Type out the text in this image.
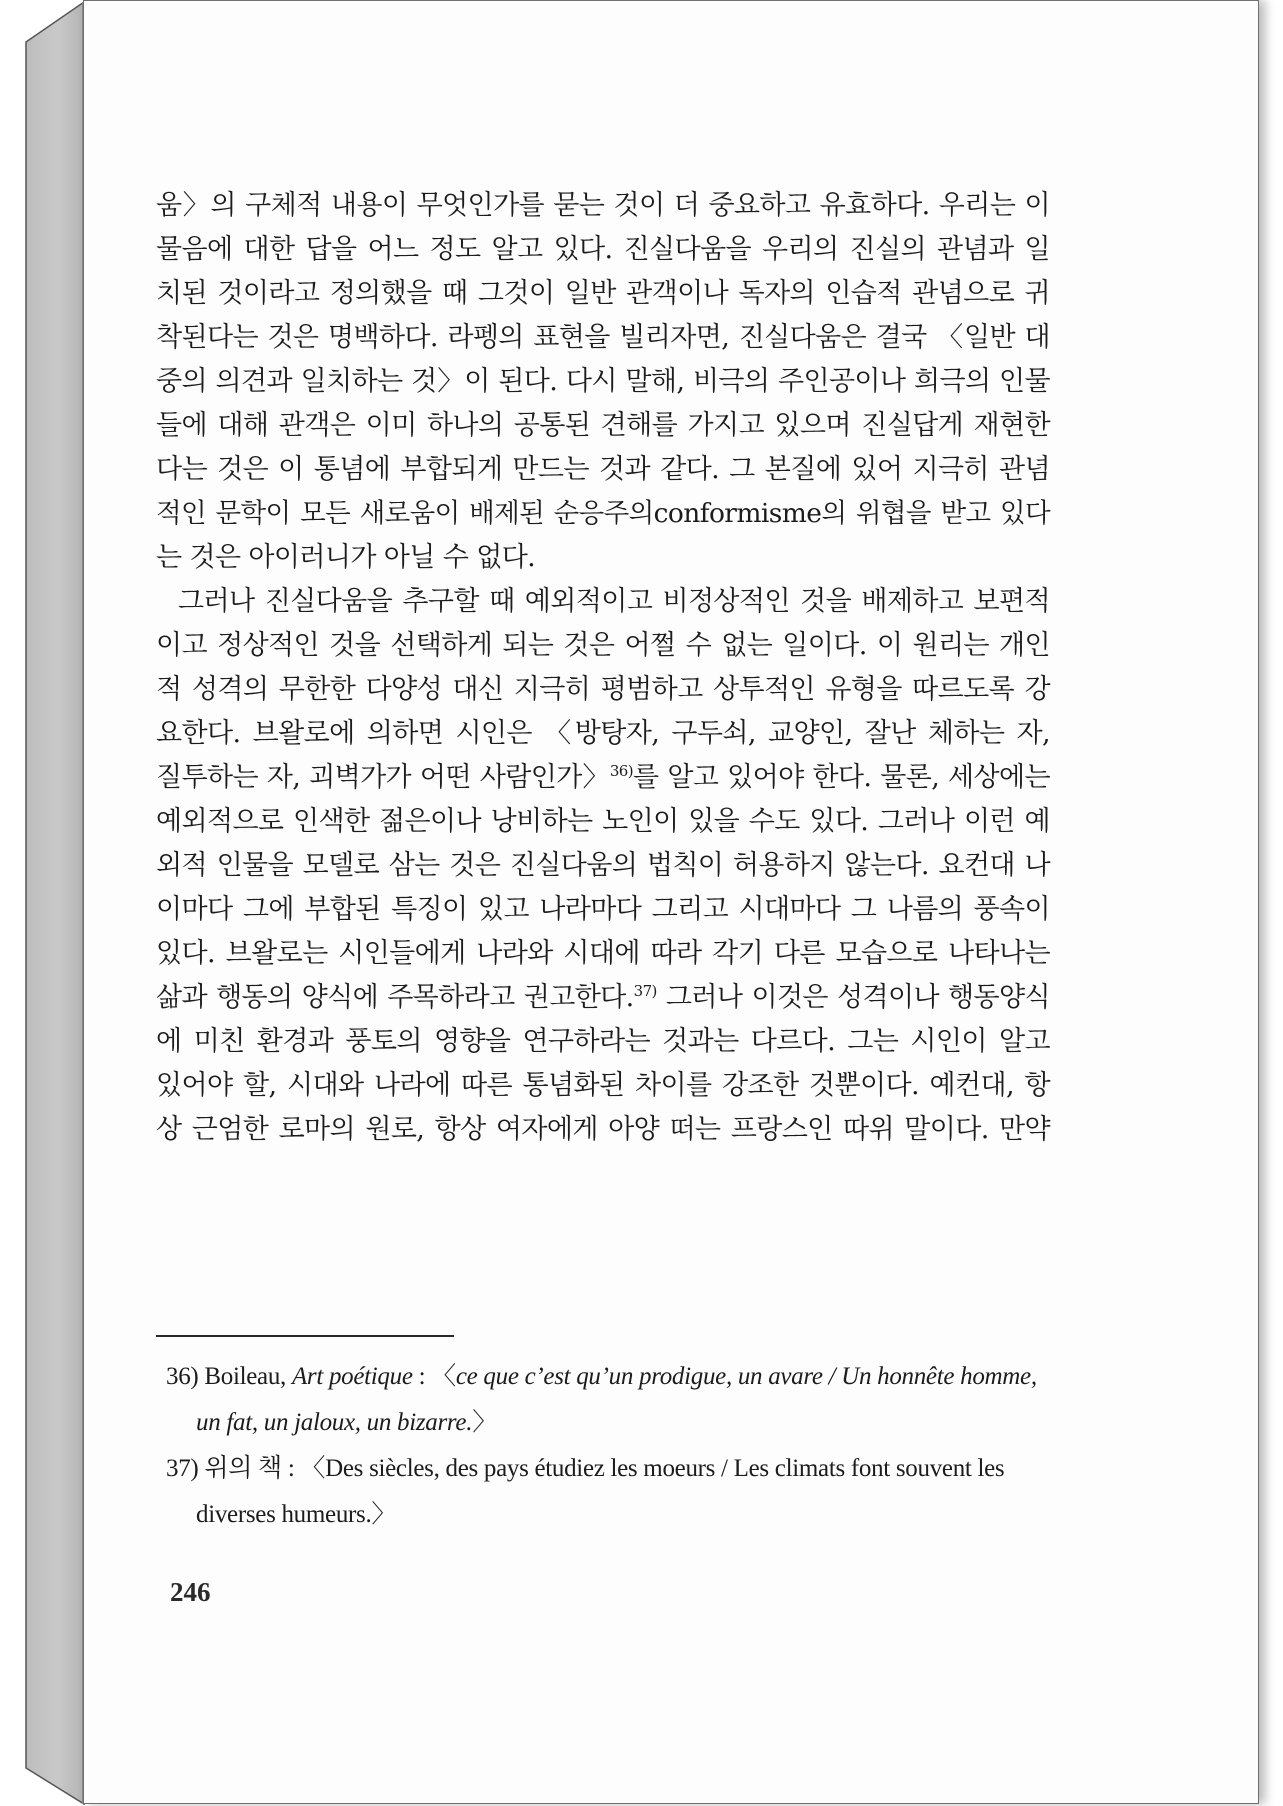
움〉의 구체적 내용이 무엇인가를 묻는 것이 더 중요하고 유효하다. 우리는 이
물음에 대한 답을 어느 정도 알고 있다. 진실다움을 우리의 진실의 관념과 일
치된 것이라고 정의했을 때 그것이 일반 관객이나 독자의 인습적 관념으로 귀
착된다는 것은 명백하다. 라펭의 표현을 빌리자면, 진실다움은 결국 〈일반 대
중의 의견과 일치하는 것〉이 된다. 다시 말해, 비극의 주인공이나 희극의 인물
들에 대해 관객은 이미 하나의 공통된 견해를 가지고 있으며 진실답게 재현한
다는 것은 이 통념에 부합되게 만드는 것과 같다. 그 본질에 있어 지극히 관념
적인 문학이 모든 새로움이 배제된 순응주의conformisme의 위협을 받고 있다
는 것은 아이러니가 아닐 수 없다.
그러나 진실다움을 추구할 때 예외적이고 비정상적인 것을 배제하고 보편적
이고 정상적인 것을 선택하게 되는 것은 어쩔 수 없는 일이다. 이 원리는 개인
적 성격의 무한한 다양성 대신 지극히 평범하고 상투적인 유형을 따르도록 강
요한다. 브왈로에 의하면 시인은 〈방탕자, 구두쇠, 교양인, 잘난 체하는 자,
질투하는 자, 괴벽가가 어떤 사람인가〉$^{36)}$를 알고 있어야 한다. 물론, 세상에는
예외적으로 인색한 젊은이나 낭비하는 노인이 있을 수도 있다. 그러나 이런 예
외적 인물을 모델로 삼는 것은 진실다움의 법칙이 허용하지 않는다. 요컨대 나
이마다 그에 부합된 특징이 있고 나라마다 그리고 시대마다 그 나름의 풍속이
있다. 브왈로는 시인들에게 나라와 시대에 따라 각기 다른 모습으로 나타나는
삶과 행동의 양식에 주목하라고 권고한다.$^{37)}$ 그러나 이것은 성격이나 행동양식
에 미친 환경과 풍토의 영향을 연구하라는 것과는 다르다. 그는 시인이 알고
있어야 할, 시대와 나라에 따른 통념화된 차이를 강조한 것뿐이다. 예컨대, 항
상 근엄한 로마의 원로, 항상 여자에게 아양 떠는 프랑스인 따위 말이다. 만약
36) Boileau, Art poétique : 〈ce que c’est qu’un prodigue, un avare / Un honnête homme,
un fat, un jaloux, un bizarre.〉
37) 위의 책 : 〈Des siècles, des pays étudiez les moeurs / Les climats font souvent les
diverses humeurs.〉
246
